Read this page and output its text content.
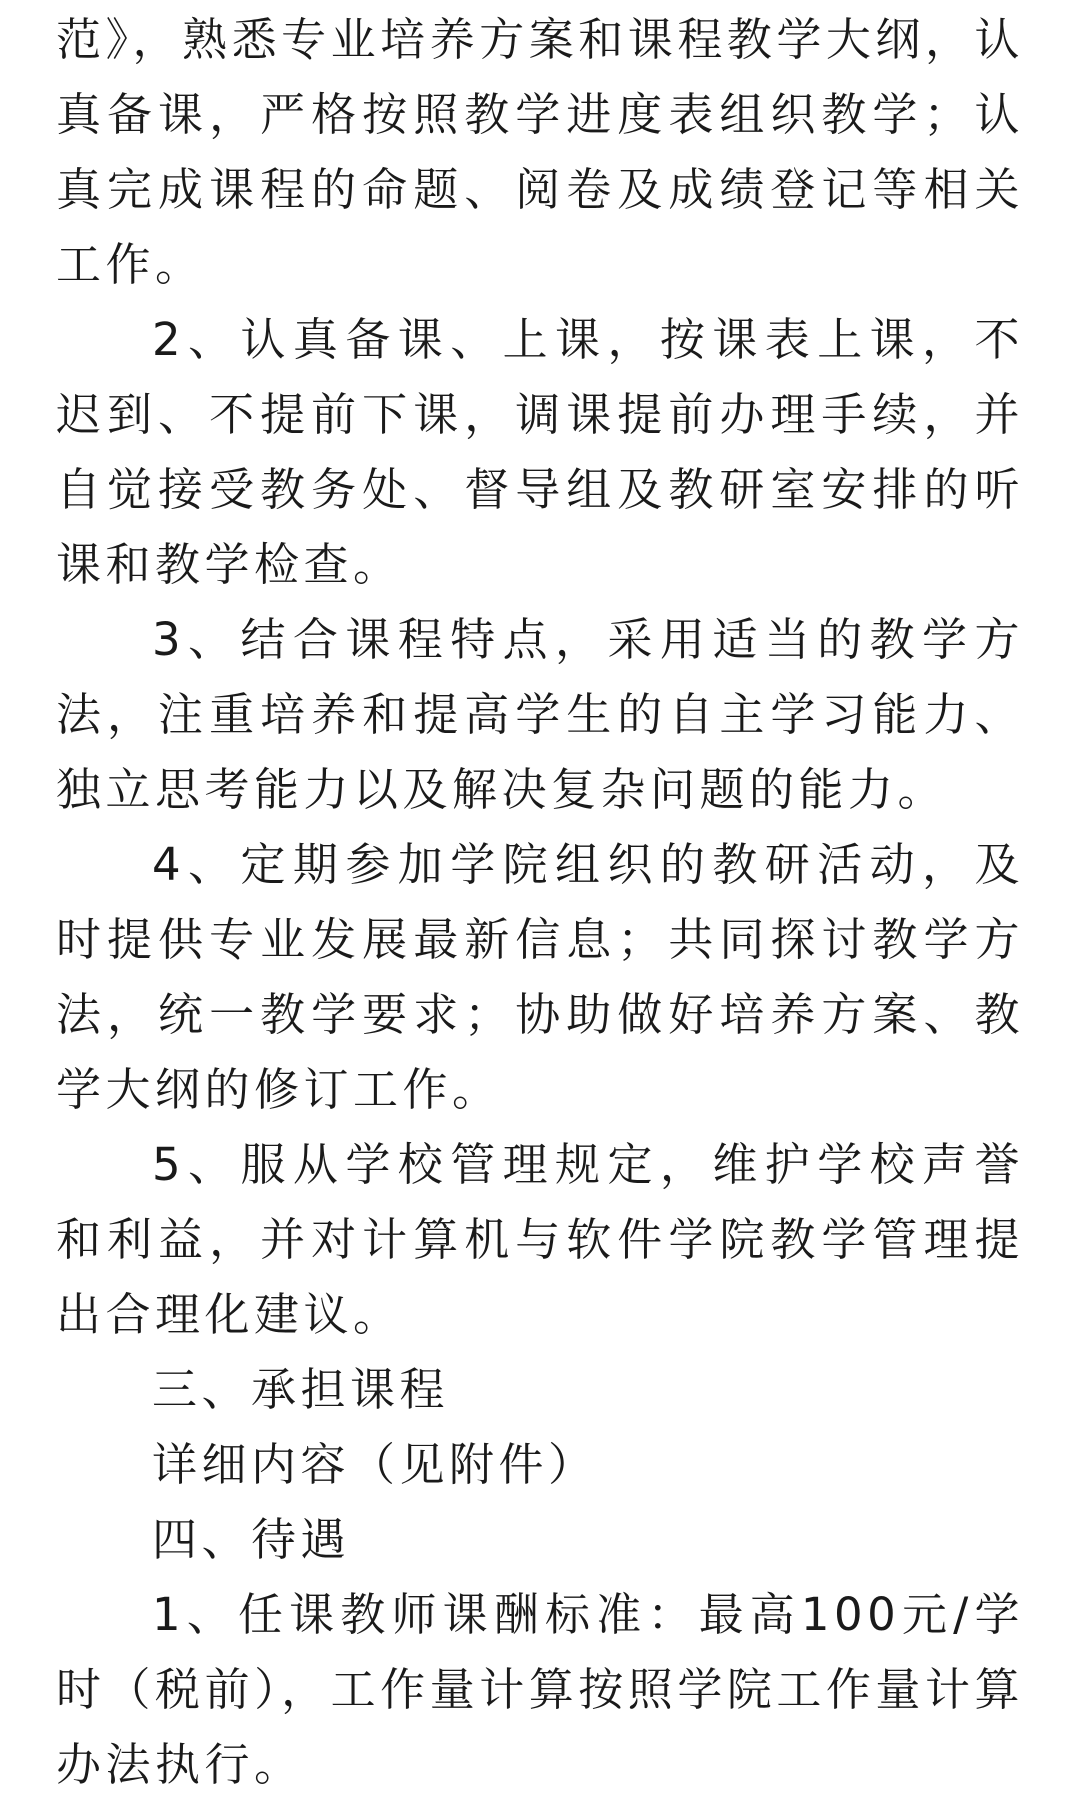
范》，熟悉专业培养方案和课程教学大纲，认真备课，严格按照教学进度表组织教学；认真完成课程的命题、阅卷及成绩登记等相关工作。

2、认真备课、上课，按课表上课，不迟到、不提前下课，调课提前办理手续，并自觉接受教务处、督导组及教研室安排的听课和教学检查。

3、结合课程特点，采用适当的教学方法，注重培养和提高学生的自主学习能力、独立思考能力以及解决复杂问题的能力。

4、定期参加学院组织的教研活动，及时提供专业发展最新信息；共同探讨教学方法，统一教学要求；协助做好培养方案、教学大纲的修订工作。

5、服从学校管理规定，维护学校声誉和利益，并对计算机与软件学院教学管理提出合理化建议。

三、承担课程

详细内容（见附件）

四、待遇

1、任课教师课酬标准：最高100元/学时（税前），工作量计算按照学院工作量计算办法执行。
